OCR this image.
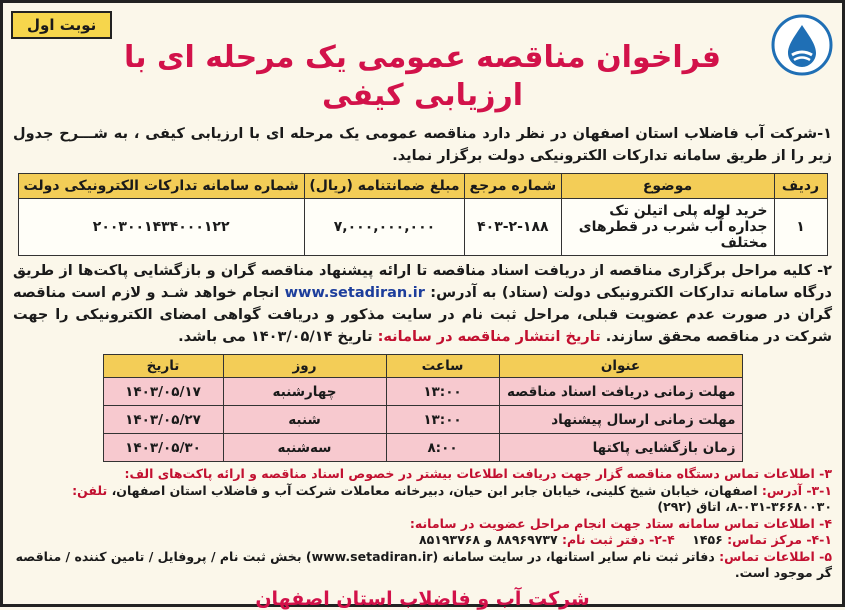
نوبت اول
فراخوان مناقصه عمومی یک مرحله ای با ارزیابی کیفی
۱-شرکت آب فاضلاب استان اصفهان در نظر دارد مناقصه عمومی یک مرحله ای با ارزیابی کیفی ، به شـــرح جدول زیر را از طریق سامانه تدارکات الکترونیکی دولت برگزار نماید.
ردیف	موضوع	شماره مرجع	مبلغ ضمانتنامه (ریال)	شماره سامانه تدارکات الکترونیکی دولت
۱	خرید لوله پلی اتیلن تک جداره آب شرب در قطرهای مختلف	۴۰۳-۲-۱۸۸	۷,۰۰۰,۰۰۰,۰۰۰	۲۰۰۳۰۰۱۴۳۴۰۰۰۱۲۲
۲- کلیه مراحل برگزاری مناقصه از دریافت اسناد مناقصه تا ارائه پیشنهاد مناقصه گران و بازگشایی پاکت‌ها از طریق درگاه سامانه تدارکات الکترونیکی دولت (ستاد) به آدرس: www.setadiran.ir انجام خواهد شـد و لازم است مناقصه گران در صورت عدم عضویت قبلی، مراحل ثبت نام در سایت مذکور و دریافت گواهی امضای الکترونیکی را جهت شرکت در مناقصه محقق سازند. تاریخ انتشار مناقصه در سامانه: تاریخ ۱۴۰۳/۰۵/۱۴ می باشد.
عنوان	ساعت	روز	تاریخ
مهلت زمانی دریافت اسناد مناقصه	۱۳:۰۰	چهارشنبه	۱۴۰۳/۰۵/۱۷
مهلت زمانی ارسال پیشنهاد	۱۳:۰۰	شنبه	۱۴۰۳/۰۵/۲۷
زمان بازگشایی پاکتها	۸:۰۰	سه‌شنبه	۱۴۰۳/۰۵/۳۰
۳- اطلاعات تماس دستگاه مناقصه گزار جهت دریافت اطلاعات بیشتر در خصوص اسناد مناقصه و ارائه پاکت‌های الف:
۳-۱- آدرس: اصفهان، خیابان شیخ کلینی، خیابان جابر ابن حیان، دبیرخانه معاملات شرکت آب و فاضلاب استان اصفهان، تلفن: ۳۶۶۸۰۰۳۰-۰۳۱-۸، اتاق (۲۹۲)
۴- اطلاعات تماس سامانه ستاد جهت انجام مراحل عضویت در سامانه:
۴-۱- مرکز تماس: ۱۴۵۶    ۴-۲- دفتر ثبت نام: ۸۸۹۶۹۷۳۷ و ۸۵۱۹۳۷۶۸
۵- اطلاعات تماس: دفاتر ثبت نام سایر استانها، در سایت سامانه (www.setadiran.ir) بخش ثبت نام / پروفایل / تامین کننده / مناقصه گر موجود است.
شرکت آب و فاضلاب استان اصفهان
